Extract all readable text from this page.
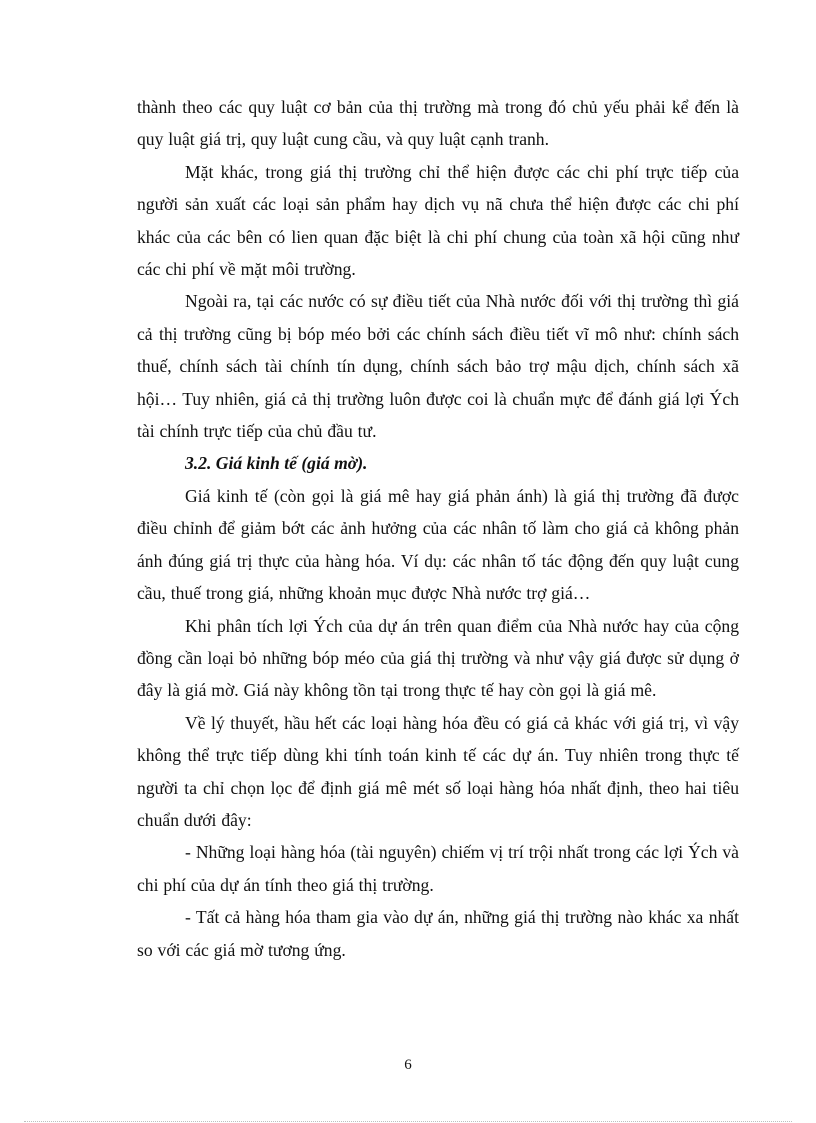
thành theo các quy luật cơ bản của thị trường mà trong đó chủ yếu phải kể đến là quy luật giá trị, quy luật cung cầu, và quy luật cạnh tranh.

Mặt khác, trong giá thị trường chỉ thể hiện được các chi phí trực tiếp của người sản xuất các loại sản phẩm hay dịch vụ nã chưa thể hiện được các chi phí khác của các bên có lien quan đặc biệt là chi phí chung của toàn xã hội cũng như các chi phí về mặt môi trường.

Ngoài ra, tại các nước có sự điều tiết của Nhà nước đối với thị trường thì giá cả thị trường cũng bị bóp méo bởi các chính sách điều tiết vĩ mô như: chính sách thuế, chính sách tài chính tín dụng, chính sách bảo trợ mậu dịch, chính sách xã hội… Tuy nhiên, giá cả thị trường luôn được coi là chuẩn mực để đánh giá lợi Ých tài chính trực tiếp của chủ đầu tư.

3.2. Giá kinh tế (giá mờ).

Giá kinh tế (còn gọi là giá mê hay giá phản ánh) là giá thị trường đã được điều chỉnh để giảm bớt các ảnh hưởng của các nhân tố làm cho giá cả không phản ánh đúng giá trị thực của hàng hóa. Ví dụ: các nhân tố tác động đến quy luật cung cầu, thuế trong giá, những khoản mục được Nhà nước trợ giá…

Khi phân tích lợi Ých của dự án trên quan điểm của Nhà nước hay của cộng đồng cần loại bỏ những bóp méo của giá thị trường và như vậy giá được sử dụng ở đây là giá mờ. Giá này không tồn tại trong thực tế hay còn gọi là giá mê.

Về lý thuyết, hầu hết các loại hàng hóa đều có giá cả khác với giá trị, vì vậy không thể trực tiếp dùng khi tính toán kinh tế các dự án. Tuy nhiên trong thực tế người ta chỉ chọn lọc để định giá mê mét số loại hàng hóa nhất định, theo hai tiêu chuẩn dưới đây:

- Những loại hàng hóa (tài nguyên) chiếm vị trí trội nhất trong các lợi Ých và chi phí của dự án tính theo giá thị trường.

- Tất cả hàng hóa tham gia vào dự án, những giá thị trường nào khác xa nhất so với các giá mờ tương ứng.

6
